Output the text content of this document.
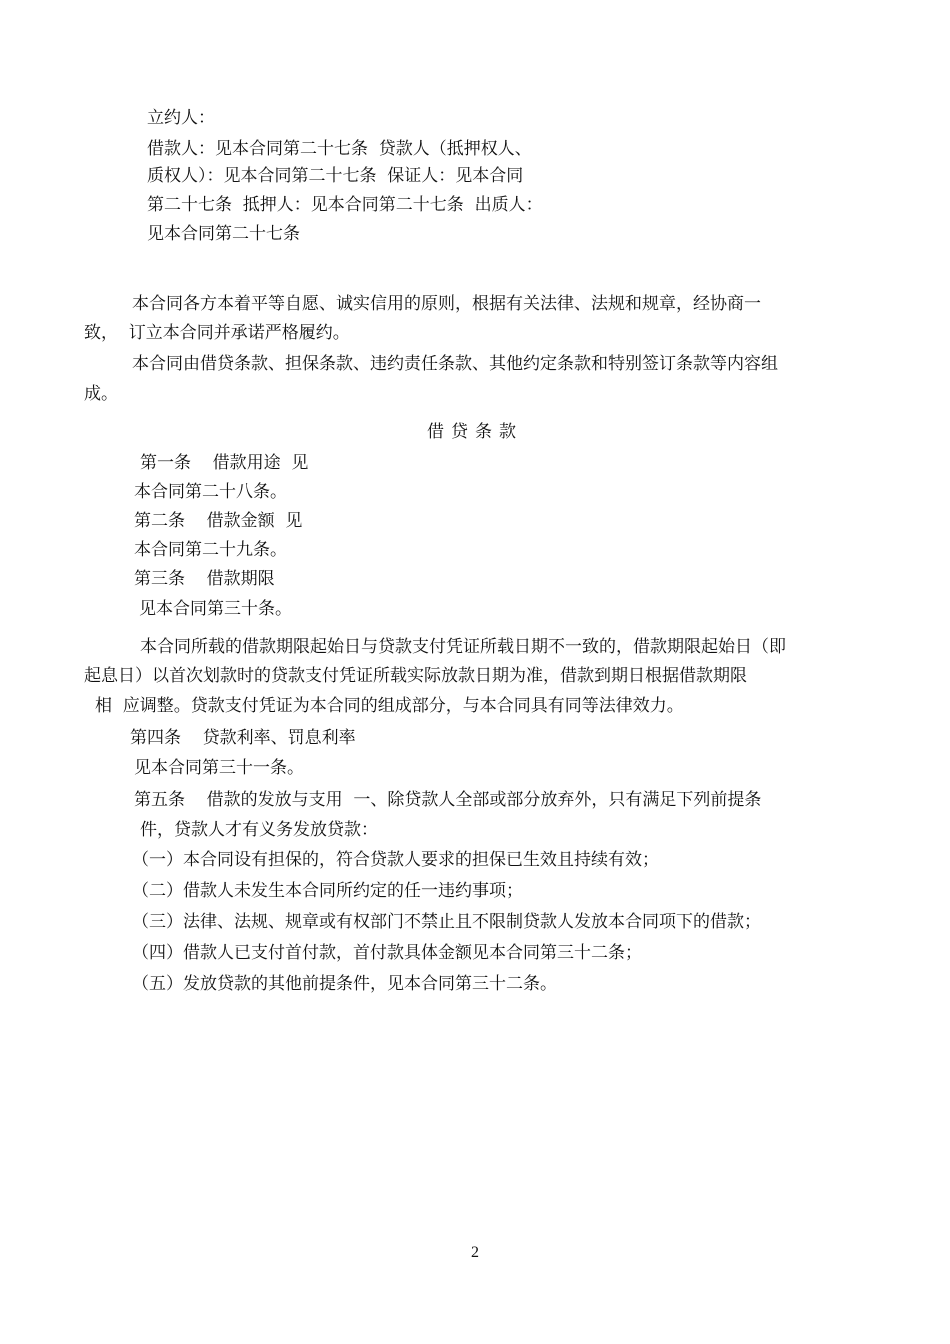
立约人：
借款人：见本合同第二十七条  贷款人（抵押权人、
质权人）：见本合同第二十七条  保证人：见本合同
第二十七条  抵押人：见本合同第二十七条  出质人：
见本合同第二十七条
本合同各方本着平等自愿、诚实信用的原则，根据有关法律、法规和规章，经协商一
致，  订立本合同并承诺严格履约。
本合同由借贷条款、担保条款、违约责任条款、其他约定条款和特别签订条款等内容组
成。
借贷条款
第一条    借款用途  见
本合同第二十八条。
第二条    借款金额  见
本合同第二十九条。
第三条    借款期限
见本合同第三十条。
本合同所载的借款期限起始日与贷款支付凭证所载日期不一致的，借款期限起始日（即
起息日）以首次划款时的贷款支付凭证所载实际放款日期为准，借款到期日根据借款期限
相  应调整。贷款支付凭证为本合同的组成部分，与本合同具有同等法律效力。
第四条    贷款利率、罚息利率
见本合同第三十一条。
第五条    借款的发放与支用  一、除贷款人全部或部分放弃外，只有满足下列前提条
件，贷款人才有义务发放贷款：
（一）本合同设有担保的，符合贷款人要求的担保已生效且持续有效；
（二）借款人未发生本合同所约定的任一违约事项；
（三）法律、法规、规章或有权部门不禁止且不限制贷款人发放本合同项下的借款；
（四）借款人已支付首付款，首付款具体金额见本合同第三十二条；
（五）发放贷款的其他前提条件，见本合同第三十二条。
2
